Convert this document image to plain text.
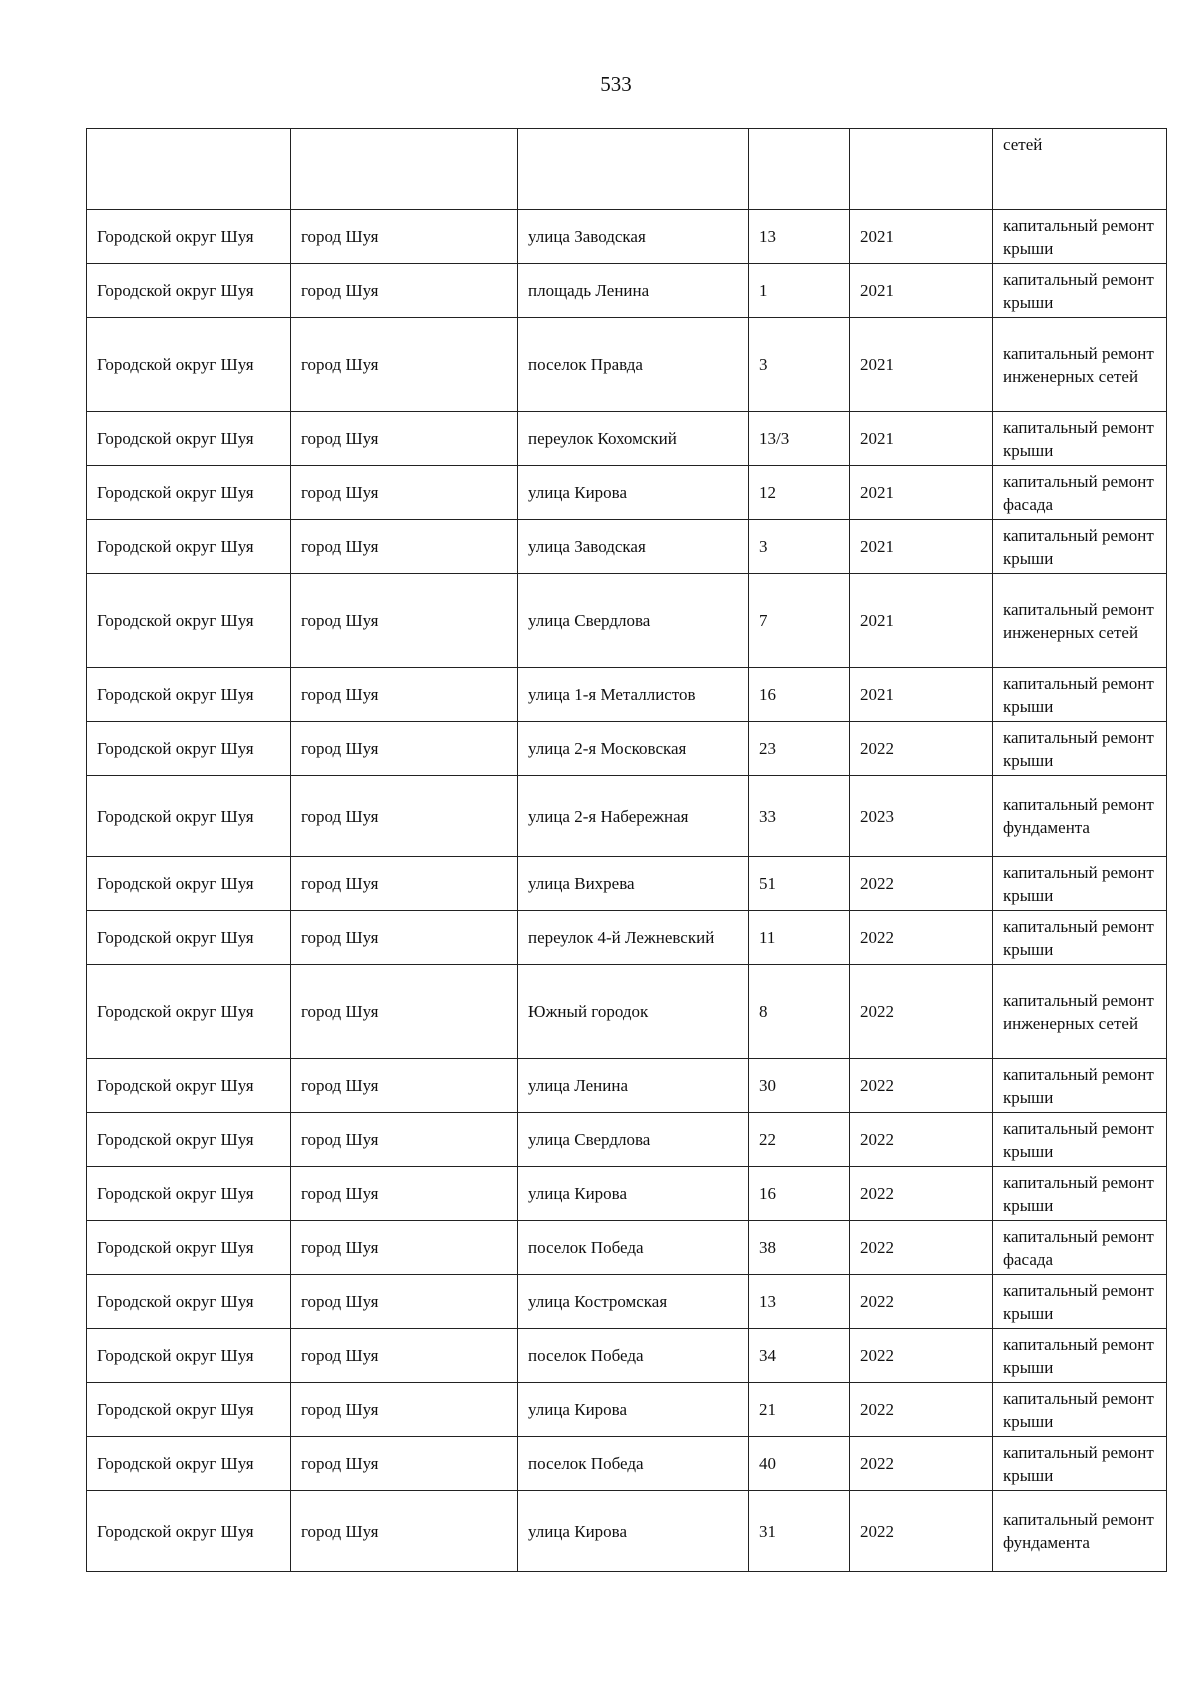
533
					сетей
Городской округ Шуя	город Шуя	улица Заводская	13	2021	капитальный ремонт крыши
Городской округ Шуя	город Шуя	площадь Ленина	1	2021	капитальный ремонт крыши
Городской округ Шуя	город Шуя	поселок Правда	3	2021	капитальный ремонт инженерных сетей
Городской округ Шуя	город Шуя	переулок Кохомский	13/3	2021	капитальный ремонт крыши
Городской округ Шуя	город Шуя	улица Кирова	12	2021	капитальный ремонт фасада
Городской округ Шуя	город Шуя	улица Заводская	3	2021	капитальный ремонт крыши
Городской округ Шуя	город Шуя	улица Свердлова	7	2021	капитальный ремонт инженерных сетей
Городской округ Шуя	город Шуя	улица 1-я Металлистов	16	2021	капитальный ремонт крыши
Городской округ Шуя	город Шуя	улица 2-я Московская	23	2022	капитальный ремонт крыши
Городской округ Шуя	город Шуя	улица 2-я Набережная	33	2023	капитальный ремонт фундамента
Городской округ Шуя	город Шуя	улица Вихрева	51	2022	капитальный ремонт крыши
Городской округ Шуя	город Шуя	переулок 4-й Лежневский	11	2022	капитальный ремонт крыши
Городской округ Шуя	город Шуя	Южный городок	8	2022	капитальный ремонт инженерных сетей
Городской округ Шуя	город Шуя	улица Ленина	30	2022	капитальный ремонт крыши
Городской округ Шуя	город Шуя	улица Свердлова	22	2022	капитальный ремонт крыши
Городской округ Шуя	город Шуя	улица Кирова	16	2022	капитальный ремонт крыши
Городской округ Шуя	город Шуя	поселок Победа	38	2022	капитальный ремонт фасада
Городской округ Шуя	город Шуя	улица Костромская	13	2022	капитальный ремонт крыши
Городской округ Шуя	город Шуя	поселок Победа	34	2022	капитальный ремонт крыши
Городской округ Шуя	город Шуя	улица Кирова	21	2022	капитальный ремонт крыши
Городской округ Шуя	город Шуя	поселок Победа	40	2022	капитальный ремонт крыши
Городской округ Шуя	город Шуя	улица Кирова	31	2022	капитальный ремонт фундамента
